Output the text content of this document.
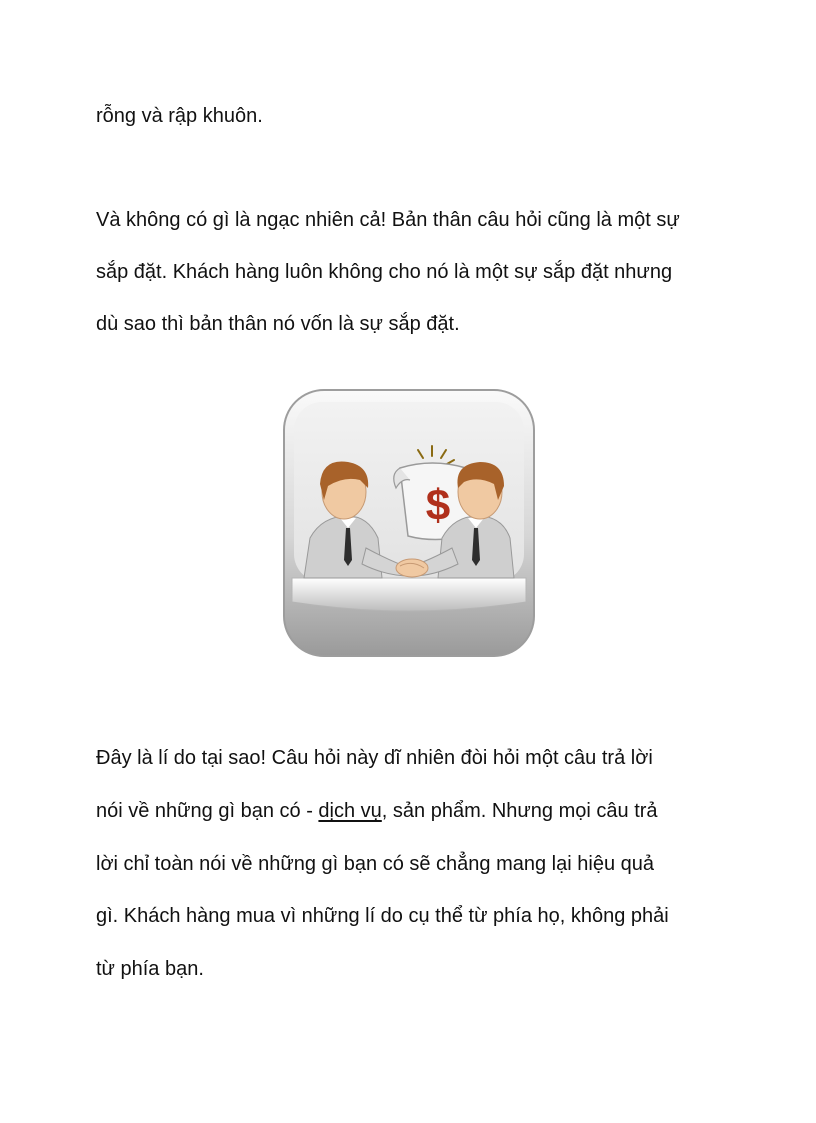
rỗng và rập khuôn.

Và không có gì là ngạc nhiên cả! Bản thân câu hỏi cũng là một sự

sắp đặt. Khách hàng luôn không cho nó là một sự sắp đặt nhưng

dù sao thì bản thân nó vốn là sự sắp đặt.

$

Đây là lí do tại sao! Câu hỏi này dĩ nhiên đòi hỏi một câu trả lời

nói về những gì bạn có - dịch vụ, sản phẩm. Nhưng mọi câu trả

lời chỉ toàn nói về những gì bạn có sẽ chẳng mang lại hiệu quả

gì. Khách hàng mua vì những lí do cụ thể từ phía họ, không phải

từ phía bạn.
